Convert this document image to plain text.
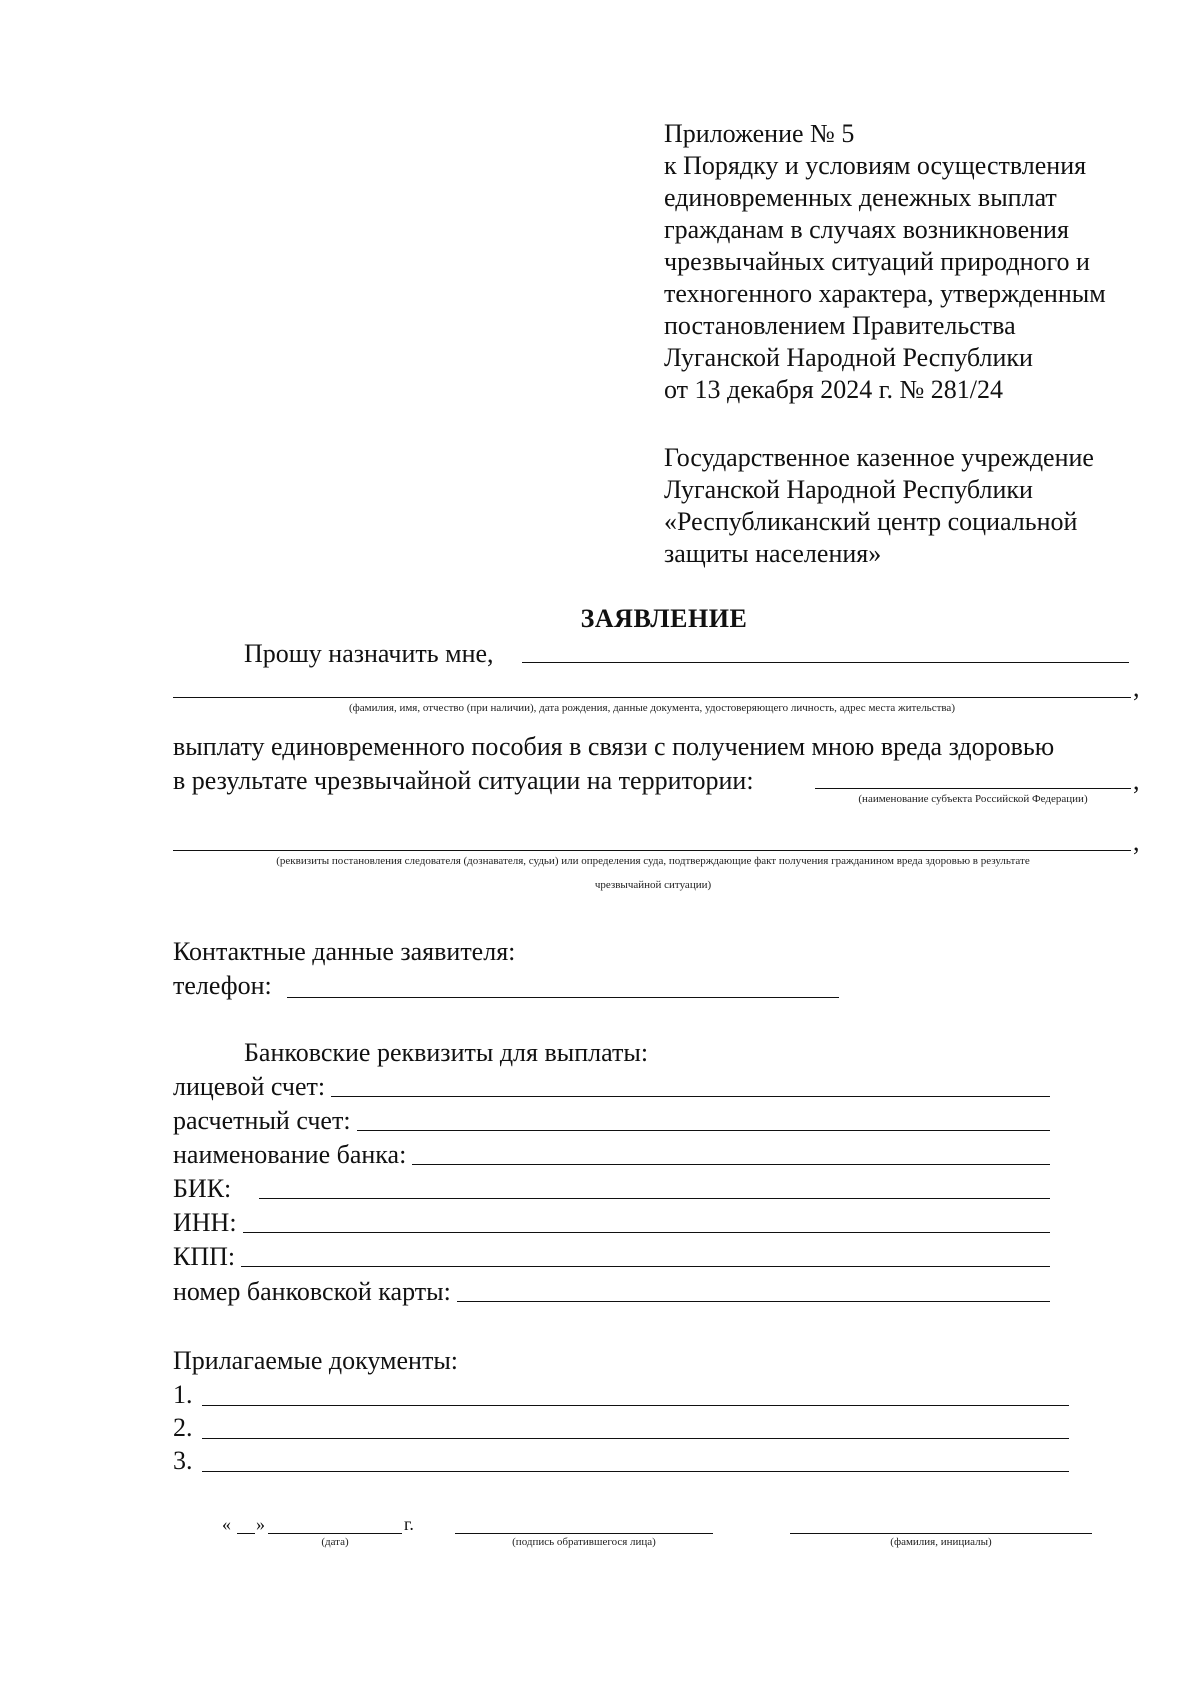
Приложение № 5
к Порядку и условиям осуществления
единовременных денежных выплат
гражданам в случаях возникновения
чрезвычайных ситуаций природного и
техногенного характера, утвержденным
постановлением Правительства
Луганской Народной Республики
от 13 декабря 2024 г. № 281/24
Государственное казенное учреждение
Луганской Народной Республики
«Республиканский центр социальной
защиты населения»
ЗАЯВЛЕНИЕ
Прошу назначить мне,
,
(фамилия, имя, отчество (при наличии), дата рождения, данные документа, удостоверяющего личность, адрес места жительства)
выплату единовременного пособия в связи с получением мною вреда здоровью
в результате чрезвычайной ситуации на территории:	,
(наименование субъекта Российской Федерации)
,
(реквизиты постановления следователя (дознавателя, судьи) или определения суда, подтверждающие факт получения гражданином вреда здоровью в результате
чрезвычайной ситуации)
Контактные данные заявителя:
телефон:
Банковские реквизиты для выплаты:
лицевой счет:
расчетный счет:
наименование банка:
БИК:
ИНН:
КПП:
номер банковской карты:
Прилагаемые документы:
1.
2.
3.
« »	г.
(дата)	(подпись обратившегося лица)	(фамилия, инициалы)
